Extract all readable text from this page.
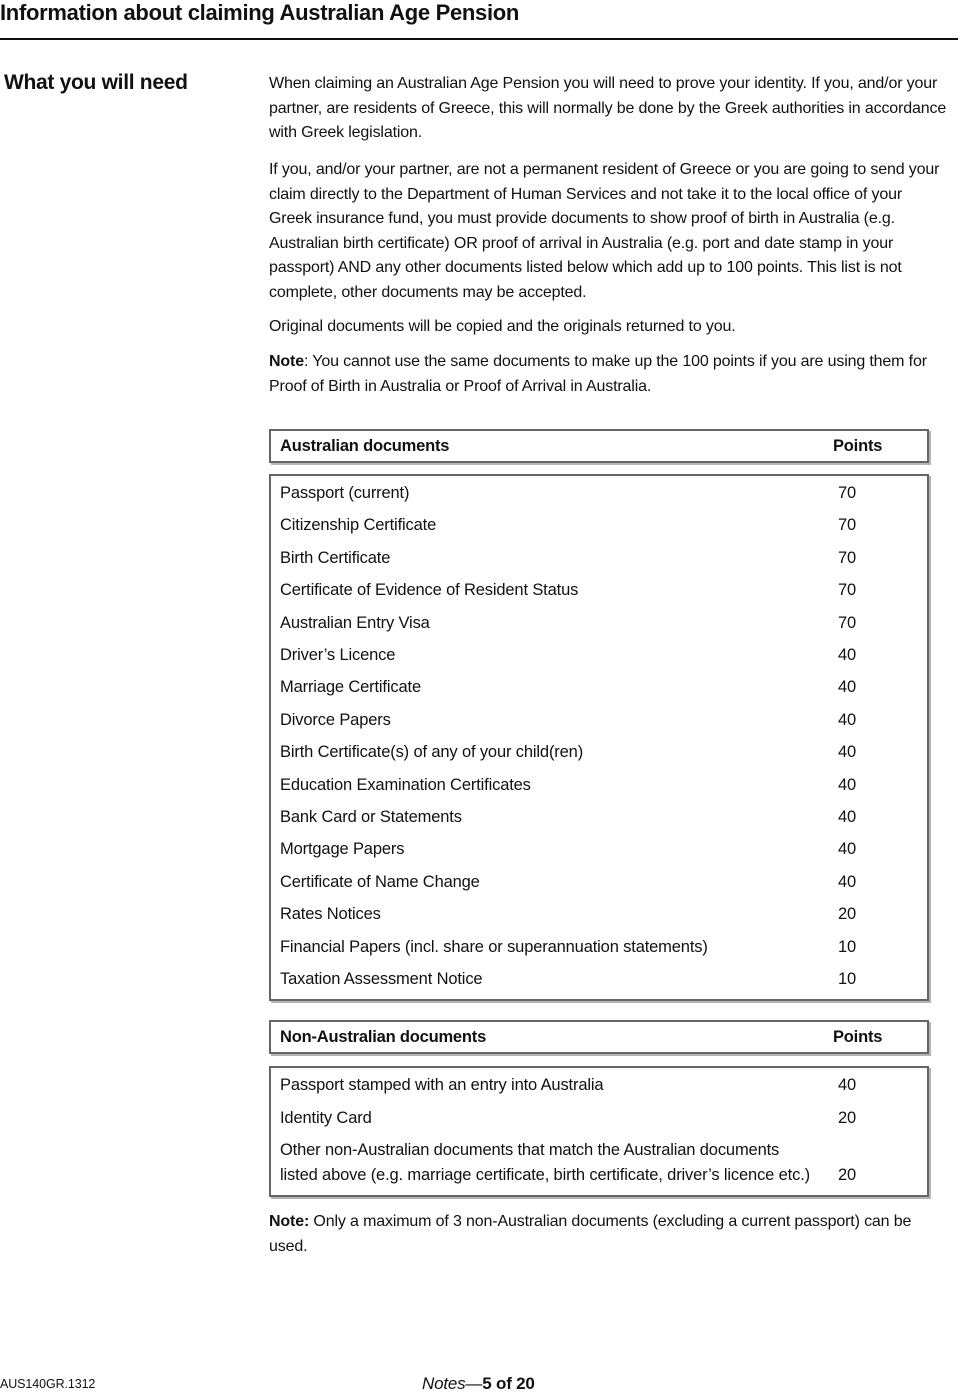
Information about claiming Australian Age Pension
What you will need	When claiming an Australian Age Pension you will need to prove your identity. If you, and/or your partner, are residents of Greece, this will normally be done by the Greek authorities in accordance with Greek legislation.

If you, and/or your partner, are not a permanent resident of Greece or you are going to send your claim directly to the Department of Human Services and not take it to the local office of your Greek insurance fund, you must provide documents to show proof of birth in Australia (e.g. Australian birth certificate) OR proof of arrival in Australia (e.g. port and date stamp in your passport) AND any other documents listed below which add up to 100 points. This list is not complete, other documents may be accepted.

Original documents will be copied and the originals returned to you.

Note: You cannot use the same documents to make up the 100 points if you are using them for Proof of Birth in Australia or Proof of Arrival in Australia.

Australian documents	Points
Passport (current)	70
Citizenship Certificate	70
Birth Certificate	70
Certificate of Evidence of Resident Status	70
Australian Entry Visa	70
Driver’s Licence	40
Marriage Certificate	40
Divorce Papers	40
Birth Certificate(s) of any of your child(ren)	40
Education Examination Certificates	40
Bank Card or Statements	40
Mortgage Papers	40
Certificate of Name Change	40
Rates Notices	20
Financial Papers (incl. share or superannuation statements)	10
Taxation Assessment Notice	10
Non-Australian documents	Points
Passport stamped with an entry into Australia	40
Identity Card	20
Other non-Australian documents that match the Australian documents listed above (e.g. marriage certificate, birth certificate, driver’s licence etc.)	20

Note: Only a maximum of 3 non-Australian documents (excluding a current passport) can be used.

AUS140GR.1312	Notes—5 of 20
